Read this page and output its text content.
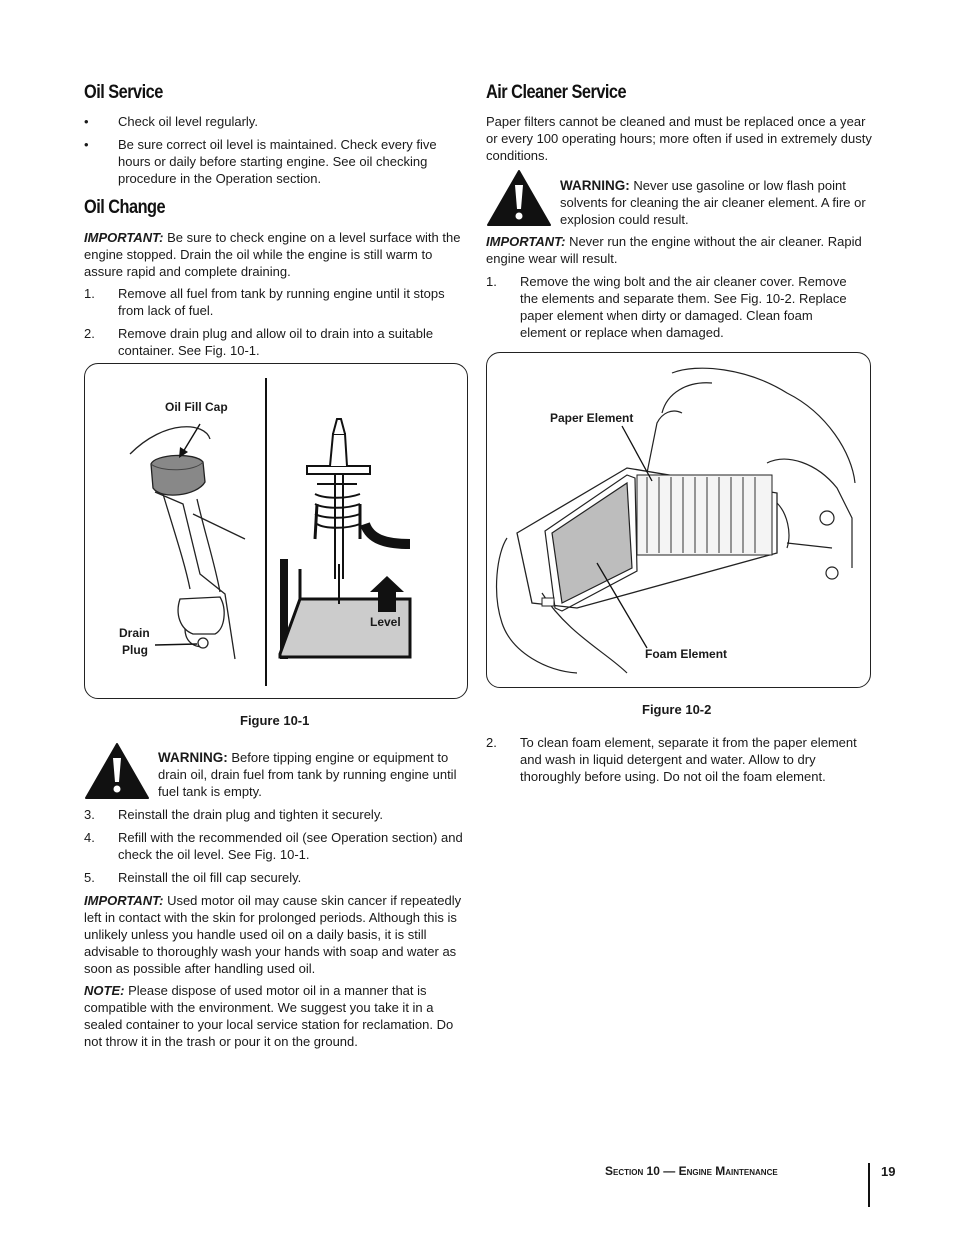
Oil Service
• Check oil level regularly.
• Be sure correct oil level is maintained. Check every five hours or daily before starting engine. See oil checking procedure in the Operation section.
Oil Change

IMPORTANT: Be sure to check engine on a level surface with the engine stopped. Drain the oil while the engine is still warm to assure rapid and complete draining.

1. Remove all fuel from tank by running engine until it stops from lack of fuel.
2. Remove drain plug and allow oil to drain into a suitable container. See Fig. 10-1.
Oil Fill Cap
Drain
Plug
Level
Figure 10-1

WARNING: Before tipping engine or equipment to drain oil, drain fuel from tank by running engine until fuel tank is empty.

3. Reinstall the drain plug and tighten it securely.
4. Refill with the recommended oil (see Operation section) and check the oil level. See Fig. 10-1.
5. Reinstall the oil fill cap securely.

IMPORTANT: Used motor oil may cause skin cancer if repeatedly left in contact with the skin for prolonged periods. Although this is unlikely unless you handle used oil on a daily basis, it is still advisable to thoroughly wash your hands with soap and water as soon as possible after handling used oil.

NOTE: Please dispose of used motor oil in a manner that is compatible with the environment. We suggest you take it in a sealed container to your local service station for reclamation. Do not throw it in the trash or pour it on the ground.

Air Cleaner Service

Paper filters cannot be cleaned and must be replaced once a year or every 100 operating hours; more often if used in extremely dusty conditions.

WARNING: Never use gasoline or low flash point solvents for cleaning the air cleaner element. A fire or explosion could result.

IMPORTANT: Never run the engine without the air cleaner. Rapid engine wear will result.

1. Remove the wing bolt and the air cleaner cover. Remove the elements and separate them. See Fig. 10-2. Replace paper element when dirty or damaged. Clean foam element or replace when damaged.
Paper Element
Foam Element
Figure 10-2
2. To clean foam element, separate it from the paper element and wash in liquid detergent and water. Allow to dry thoroughly before using. Do not oil the foam element.
Section 10 — Engine Maintenance	19
